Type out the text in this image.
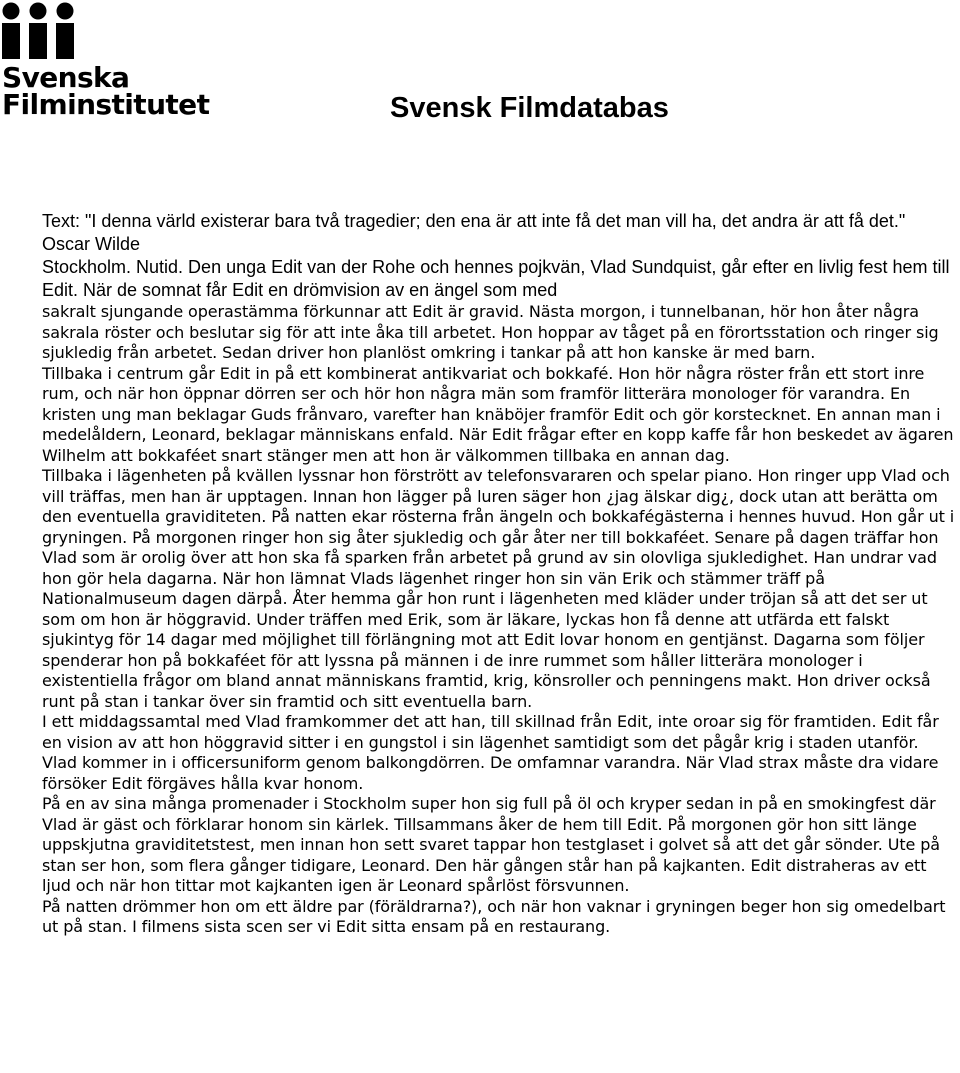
Svenska
Filminstitutet	Svensk Filmdatabas
Text: "I denna värld existerar bara två tragedier; den ena är att inte få det man vill ha, det andra är att få det." Oscar Wilde
Stockholm. Nutid. Den unga Edit van der Rohe och hennes pojkvän, Vlad Sundquist, går efter en livlig fest hem till Edit. När de somnat får Edit en drömvision av en ängel som med
sakralt sjungande operastämma förkunnar att Edit är gravid. Nästa morgon, i tunnelbanan, hör hon åter några sakrala röster och beslutar sig för att inte åka till arbetet. Hon hoppar av tåget på en förortsstation och ringer sig sjukledig från arbetet. Sedan driver hon planlöst omkring i tankar på att hon kanske är med barn.
Tillbaka i centrum går Edit in på ett kombinerat antikvariat och bokkafé. Hon hör några röster från ett stort inre rum, och när hon öppnar dörren ser och hör hon några män som framför litterära monologer för varandra. En kristen ung man beklagar Guds frånvaro, varefter han knäböjer framför Edit och gör korstecknet. En annan man i medelåldern, Leonard, beklagar människans enfald. När Edit frågar efter en kopp kaffe får hon beskedet av ägaren Wilhelm att bokkaféet snart stänger men att hon är välkommen tillbaka en annan dag.
Tillbaka i lägenheten på kvällen lyssnar hon förstrött av telefonsvararen och spelar piano. Hon ringer upp Vlad och vill träffas, men han är upptagen. Innan hon lägger på luren säger hon ¿jag älskar dig¿, dock utan att berätta om den eventuella graviditeten. På natten ekar rösterna från ängeln och bokkafégästerna i hennes huvud. Hon går ut i gryningen. På morgonen ringer hon sig åter sjukledig och går åter ner till bokkaféet. Senare på dagen träffar hon Vlad som är orolig över att hon ska få sparken från arbetet på grund av sin olovliga sjukledighet. Han undrar vad hon gör hela dagarna. När hon lämnat Vlads lägenhet ringer hon sin vän Erik och stämmer träff på Nationalmuseum dagen därpå. Åter hemma går hon runt i lägenheten med kläder under tröjan så att det ser ut som om hon är höggravid. Under träffen med Erik, som är läkare, lyckas hon få denne att utfärda ett falskt sjukintyg för 14 dagar med möjlighet till förlängning mot att Edit lovar honom en gentjänst. Dagarna som följer spenderar hon på bokkaféet för att lyssna på männen i de inre rummet som håller litterära monologer i existentiella frågor om bland annat människans framtid, krig, könsroller och penningens makt. Hon driver också runt på stan i tankar över sin framtid och sitt eventuella barn.
I ett middagssamtal med Vlad framkommer det att han, till skillnad från Edit, inte oroar sig för framtiden. Edit får en vision av att hon höggravid sitter i en gungstol i sin lägenhet samtidigt som det pågår krig i staden utanför. Vlad kommer in i officersuniform genom balkongdörren. De omfamnar varandra. När Vlad strax måste dra vidare försöker Edit förgäves hålla kvar honom.
På en av sina många promenader i Stockholm super hon sig full på öl och kryper sedan in på en smokingfest där Vlad är gäst och förklarar honom sin kärlek. Tillsammans åker de hem till Edit. På morgonen gör hon sitt länge uppskjutna graviditetstest, men innan hon sett svaret tappar hon testglaset i golvet så att det går sönder. Ute på stan ser hon, som flera gånger tidigare, Leonard. Den här gången står han på kajkanten. Edit distraheras av ett ljud och när hon tittar mot kajkanten igen är Leonard spårlöst försvunnen.
På natten drömmer hon om ett äldre par (föräldrarna?), och när hon vaknar i gryningen beger hon sig omedelbart ut på stan. I filmens sista scen ser vi Edit sitta ensam på en restaurang.
